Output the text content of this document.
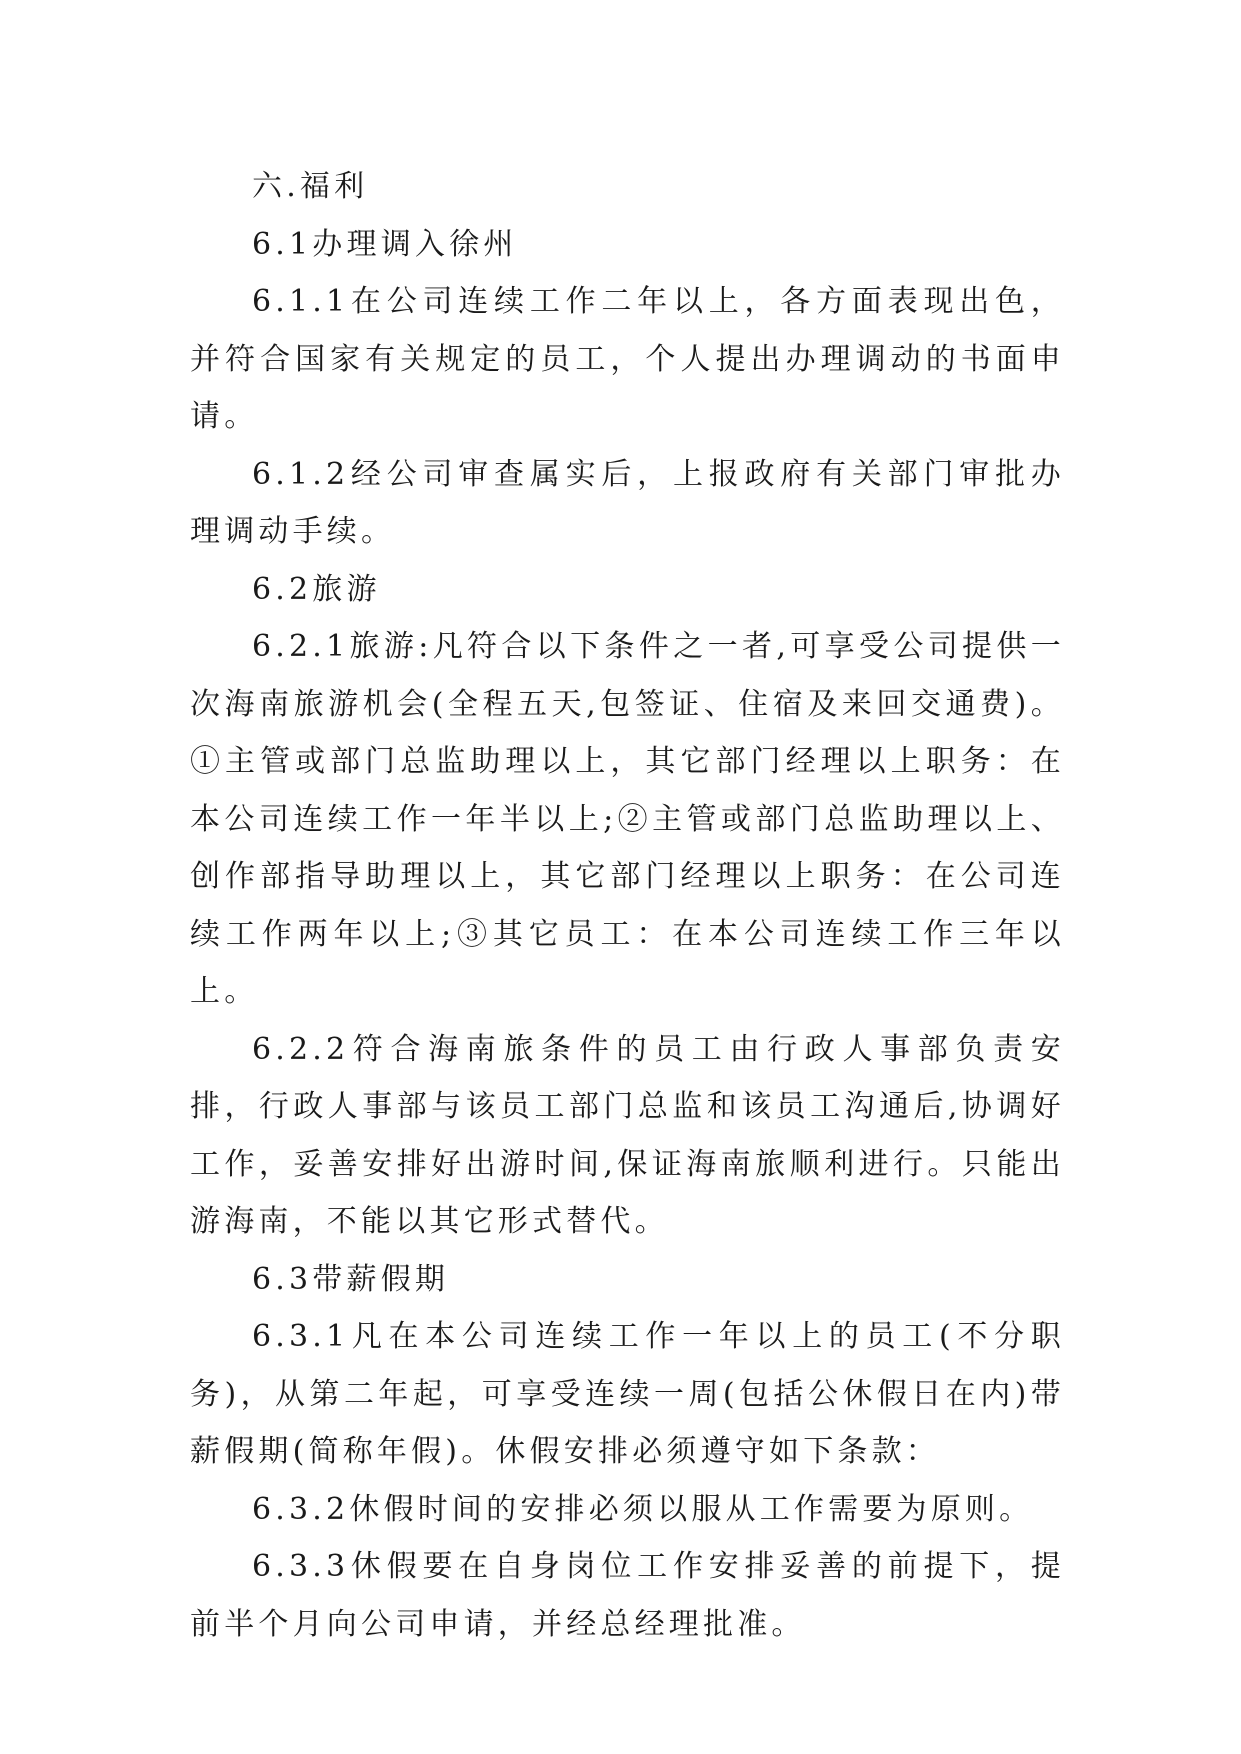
六.福利

6.1办理调入徐州

6.1.1在公司连续工作二年以上，各方面表现出色，并符合国家有关规定的员工，个人提出办理调动的书面申请。

6.1.2经公司审查属实后，上报政府有关部门审批办理调动手续。

6.2旅游

6.2.1旅游:凡符合以下条件之一者,可享受公司提供一次海南旅游机会(全程五天,包签证、住宿及来回交通费)。①主管或部门总监助理以上，其它部门经理以上职务：在本公司连续工作一年半以上;②主管或部门总监助理以上、创作部指导助理以上，其它部门经理以上职务：在公司连续工作两年以上;③其它员工：在本公司连续工作三年以上。

6.2.2符合海南旅条件的员工由行政人事部负责安排，行政人事部与该员工部门总监和该员工沟通后,协调好工作，妥善安排好出游时间,保证海南旅顺利进行。只能出游海南，不能以其它形式替代。

6.3带薪假期

6.3.1凡在本公司连续工作一年以上的员工(不分职务)，从第二年起，可享受连续一周(包括公休假日在内)带薪假期(简称年假)。休假安排必须遵守如下条款：

6.3.2休假时间的安排必须以服从工作需要为原则。

6.3.3休假要在自身岗位工作安排妥善的前提下，提前半个月向公司申请，并经总经理批准。
